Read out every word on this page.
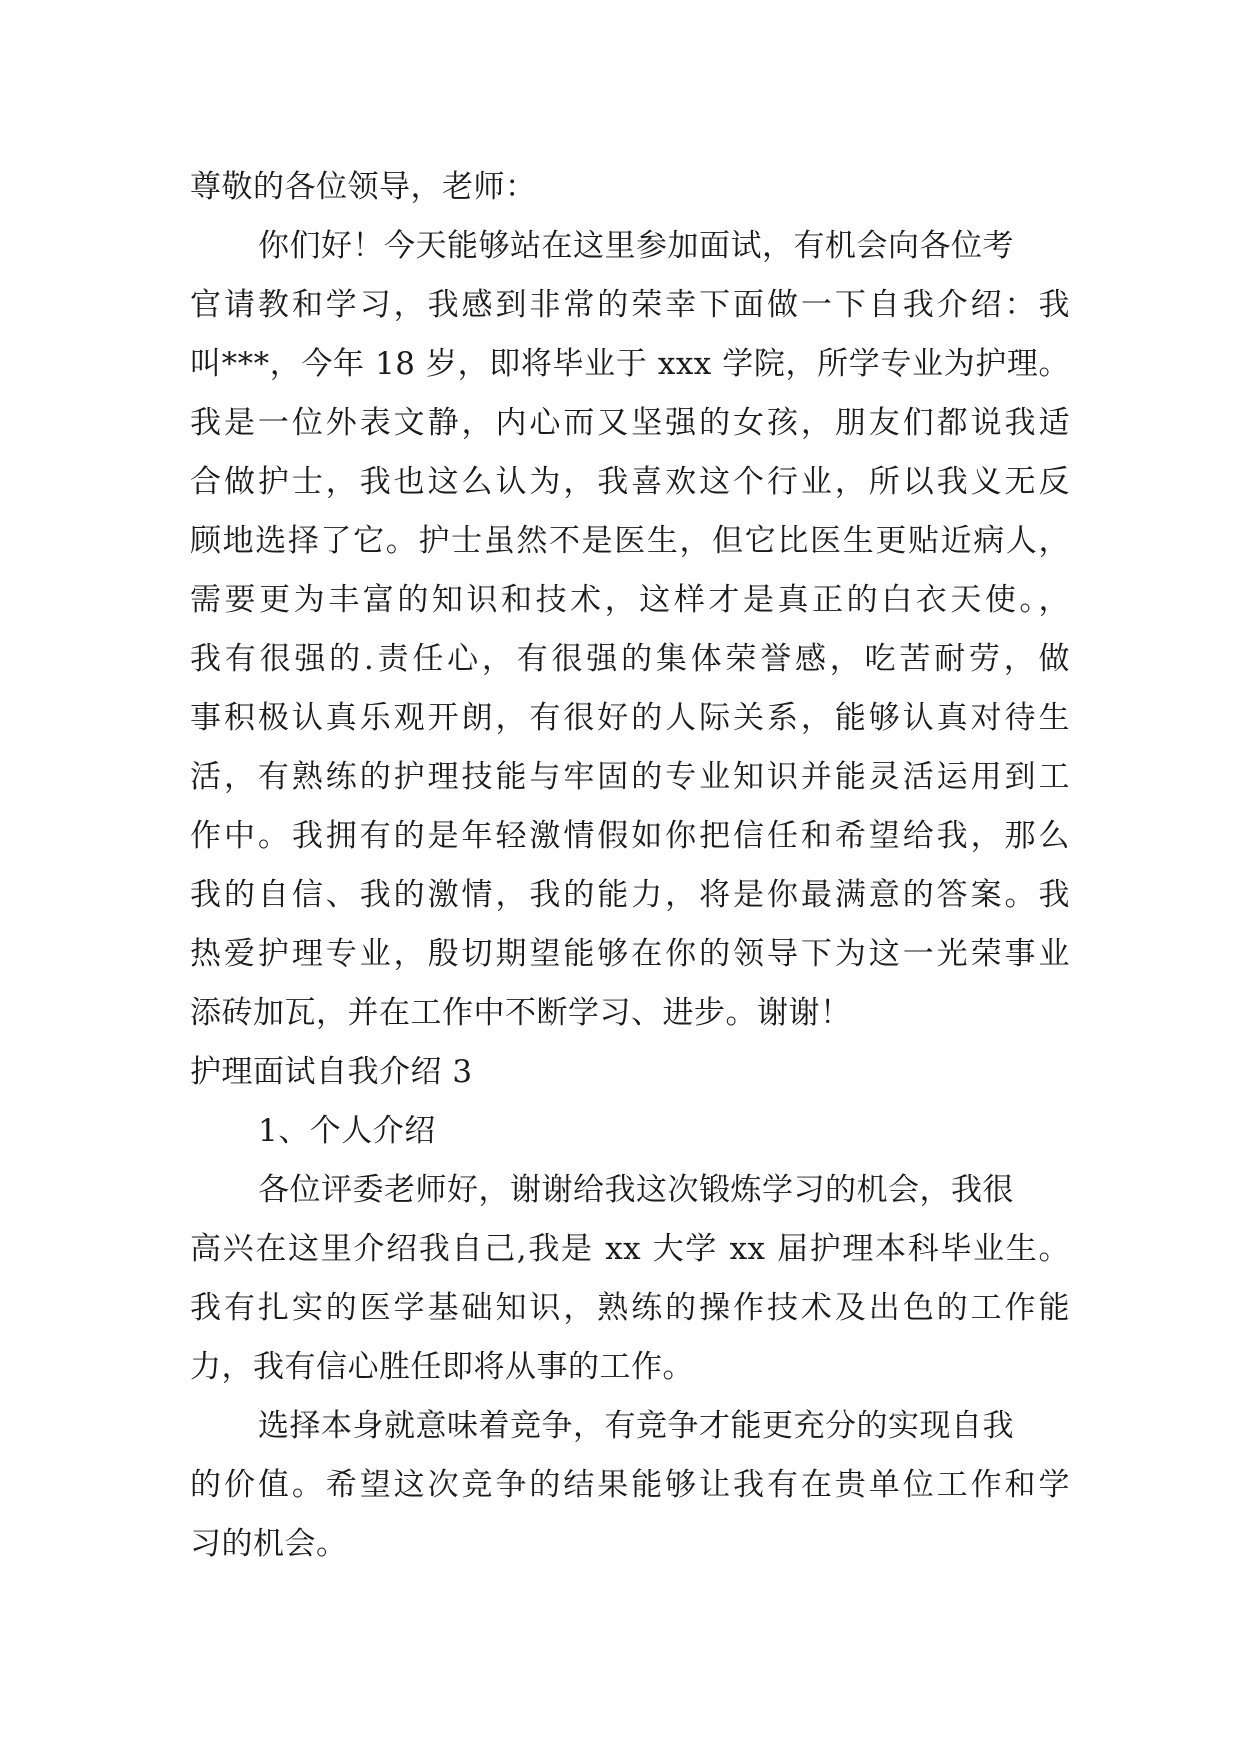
尊敬的各位领导，老师：
你们好！今天能够站在这里参加面试，有机会向各位考
官请教和学习，我感到非常的荣幸下面做一下自我介绍：我
叫***，今年 18 岁，即将毕业于 xxx 学院，所学专业为护理。
我是一位外表文静，内心而又坚强的女孩，朋友们都说我适
合做护士，我也这么认为，我喜欢这个行业，所以我义无反
顾地选择了它。护士虽然不是医生，但它比医生更贴近病人，
需要更为丰富的知识和技术，这样才是真正的白衣天使。，
我有很强的.责任心，有很强的集体荣誉感，吃苦耐劳，做
事积极认真乐观开朗，有很好的人际关系，能够认真对待生
活，有熟练的护理技能与牢固的专业知识并能灵活运用到工
作中。我拥有的是年轻激情假如你把信任和希望给我，那么
我的自信、我的激情，我的能力，将是你最满意的答案。我
热爱护理专业，殷切期望能够在你的领导下为这一光荣事业
添砖加瓦，并在工作中不断学习、进步。谢谢！
护理面试自我介绍 3
1、个人介绍
各位评委老师好，谢谢给我这次锻炼学习的机会，我很
高兴在这里介绍我自己,我是 xx 大学 xx 届护理本科毕业生。
我有扎实的医学基础知识，熟练的操作技术及出色的工作能
力，我有信心胜任即将从事的工作。
选择本身就意味着竞争，有竞争才能更充分的实现自我
的价值。希望这次竞争的结果能够让我有在贵单位工作和学
习的机会。
